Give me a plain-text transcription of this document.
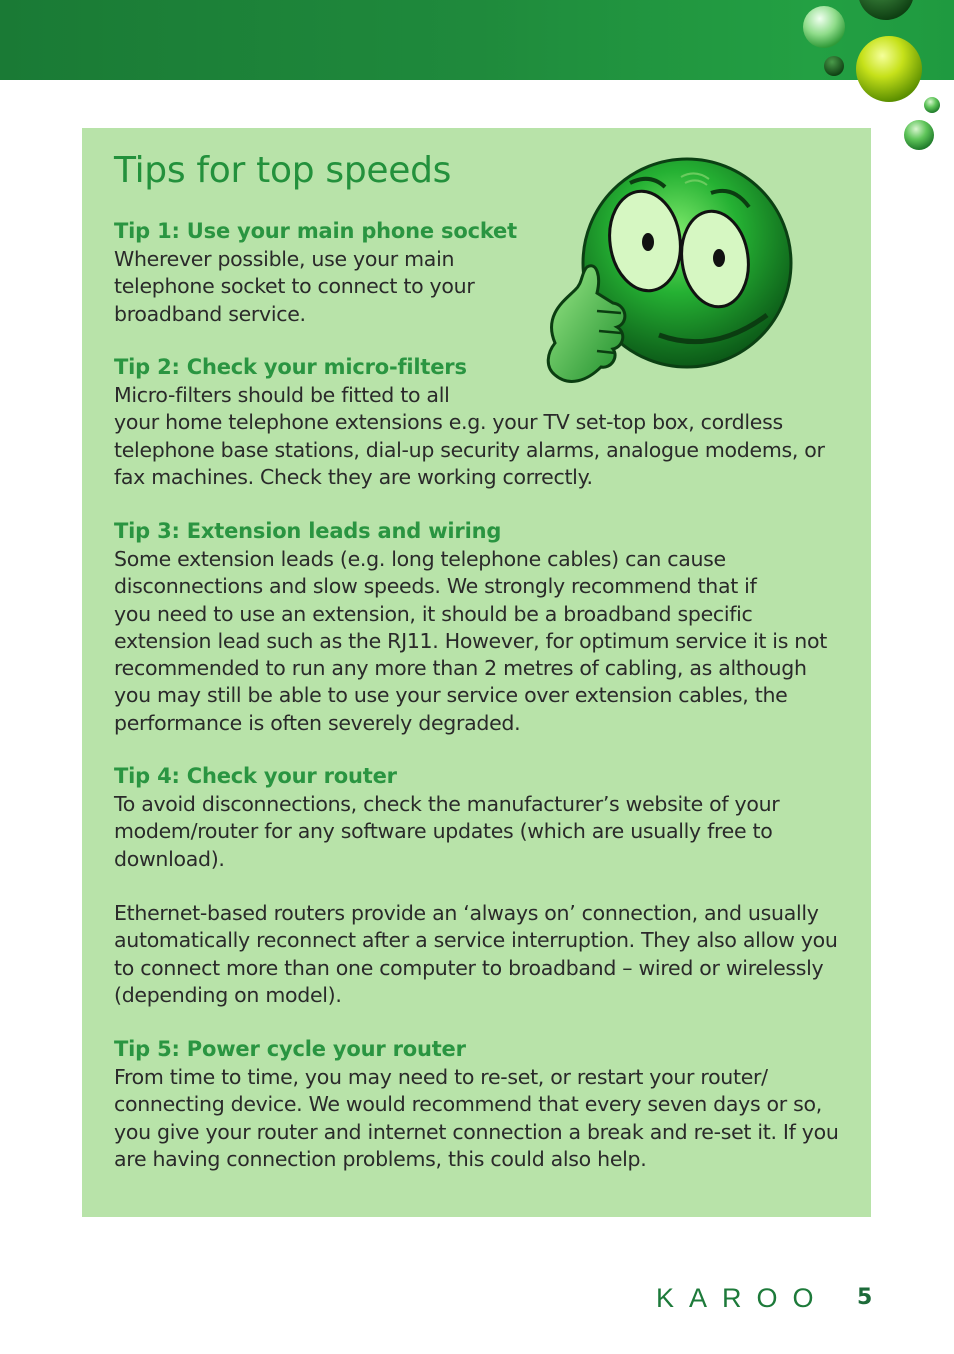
Tips for top speeds
Tip 1: Use your main phone socket

Wherever possible, use your main
telephone socket to connect to your
broadband service.

Tip 2: Check your micro-filters

Micro-filters should be fitted to all
your home telephone extensions e.g. your TV set-top box, cordless
telephone base stations, dial-up security alarms, analogue modems, or
fax machines. Check they are working correctly.

Tip 3: Extension leads and wiring

Some extension leads (e.g. long telephone cables) can cause
disconnections and slow speeds. We strongly recommend that if
you need to use an extension, it should be a broadband specific
extension lead such as the RJ11. However, for optimum service it is not
recommended to run any more than 2 metres of cabling, as although
you may still be able to use your service over extension cables, the
performance is often severely degraded.

Tip 4: Check your router

To avoid disconnections, check the manufacturer’s website of your
modem/router for any software updates (which are usually free to
download).

Ethernet-based routers provide an ‘always on’ connection, and usually
automatically reconnect after a service interruption. They also allow you
to connect more than one computer to broadband – wired or wirelessly
(depending on model).

Tip 5: Power cycle your router

From time to time, you may need to re-set, or restart your router/
connecting device. We would recommend that every seven days or so,
you give your router and internet connection a break and re-set it. If you
are having connection problems, this could also help.

KAROO 5
